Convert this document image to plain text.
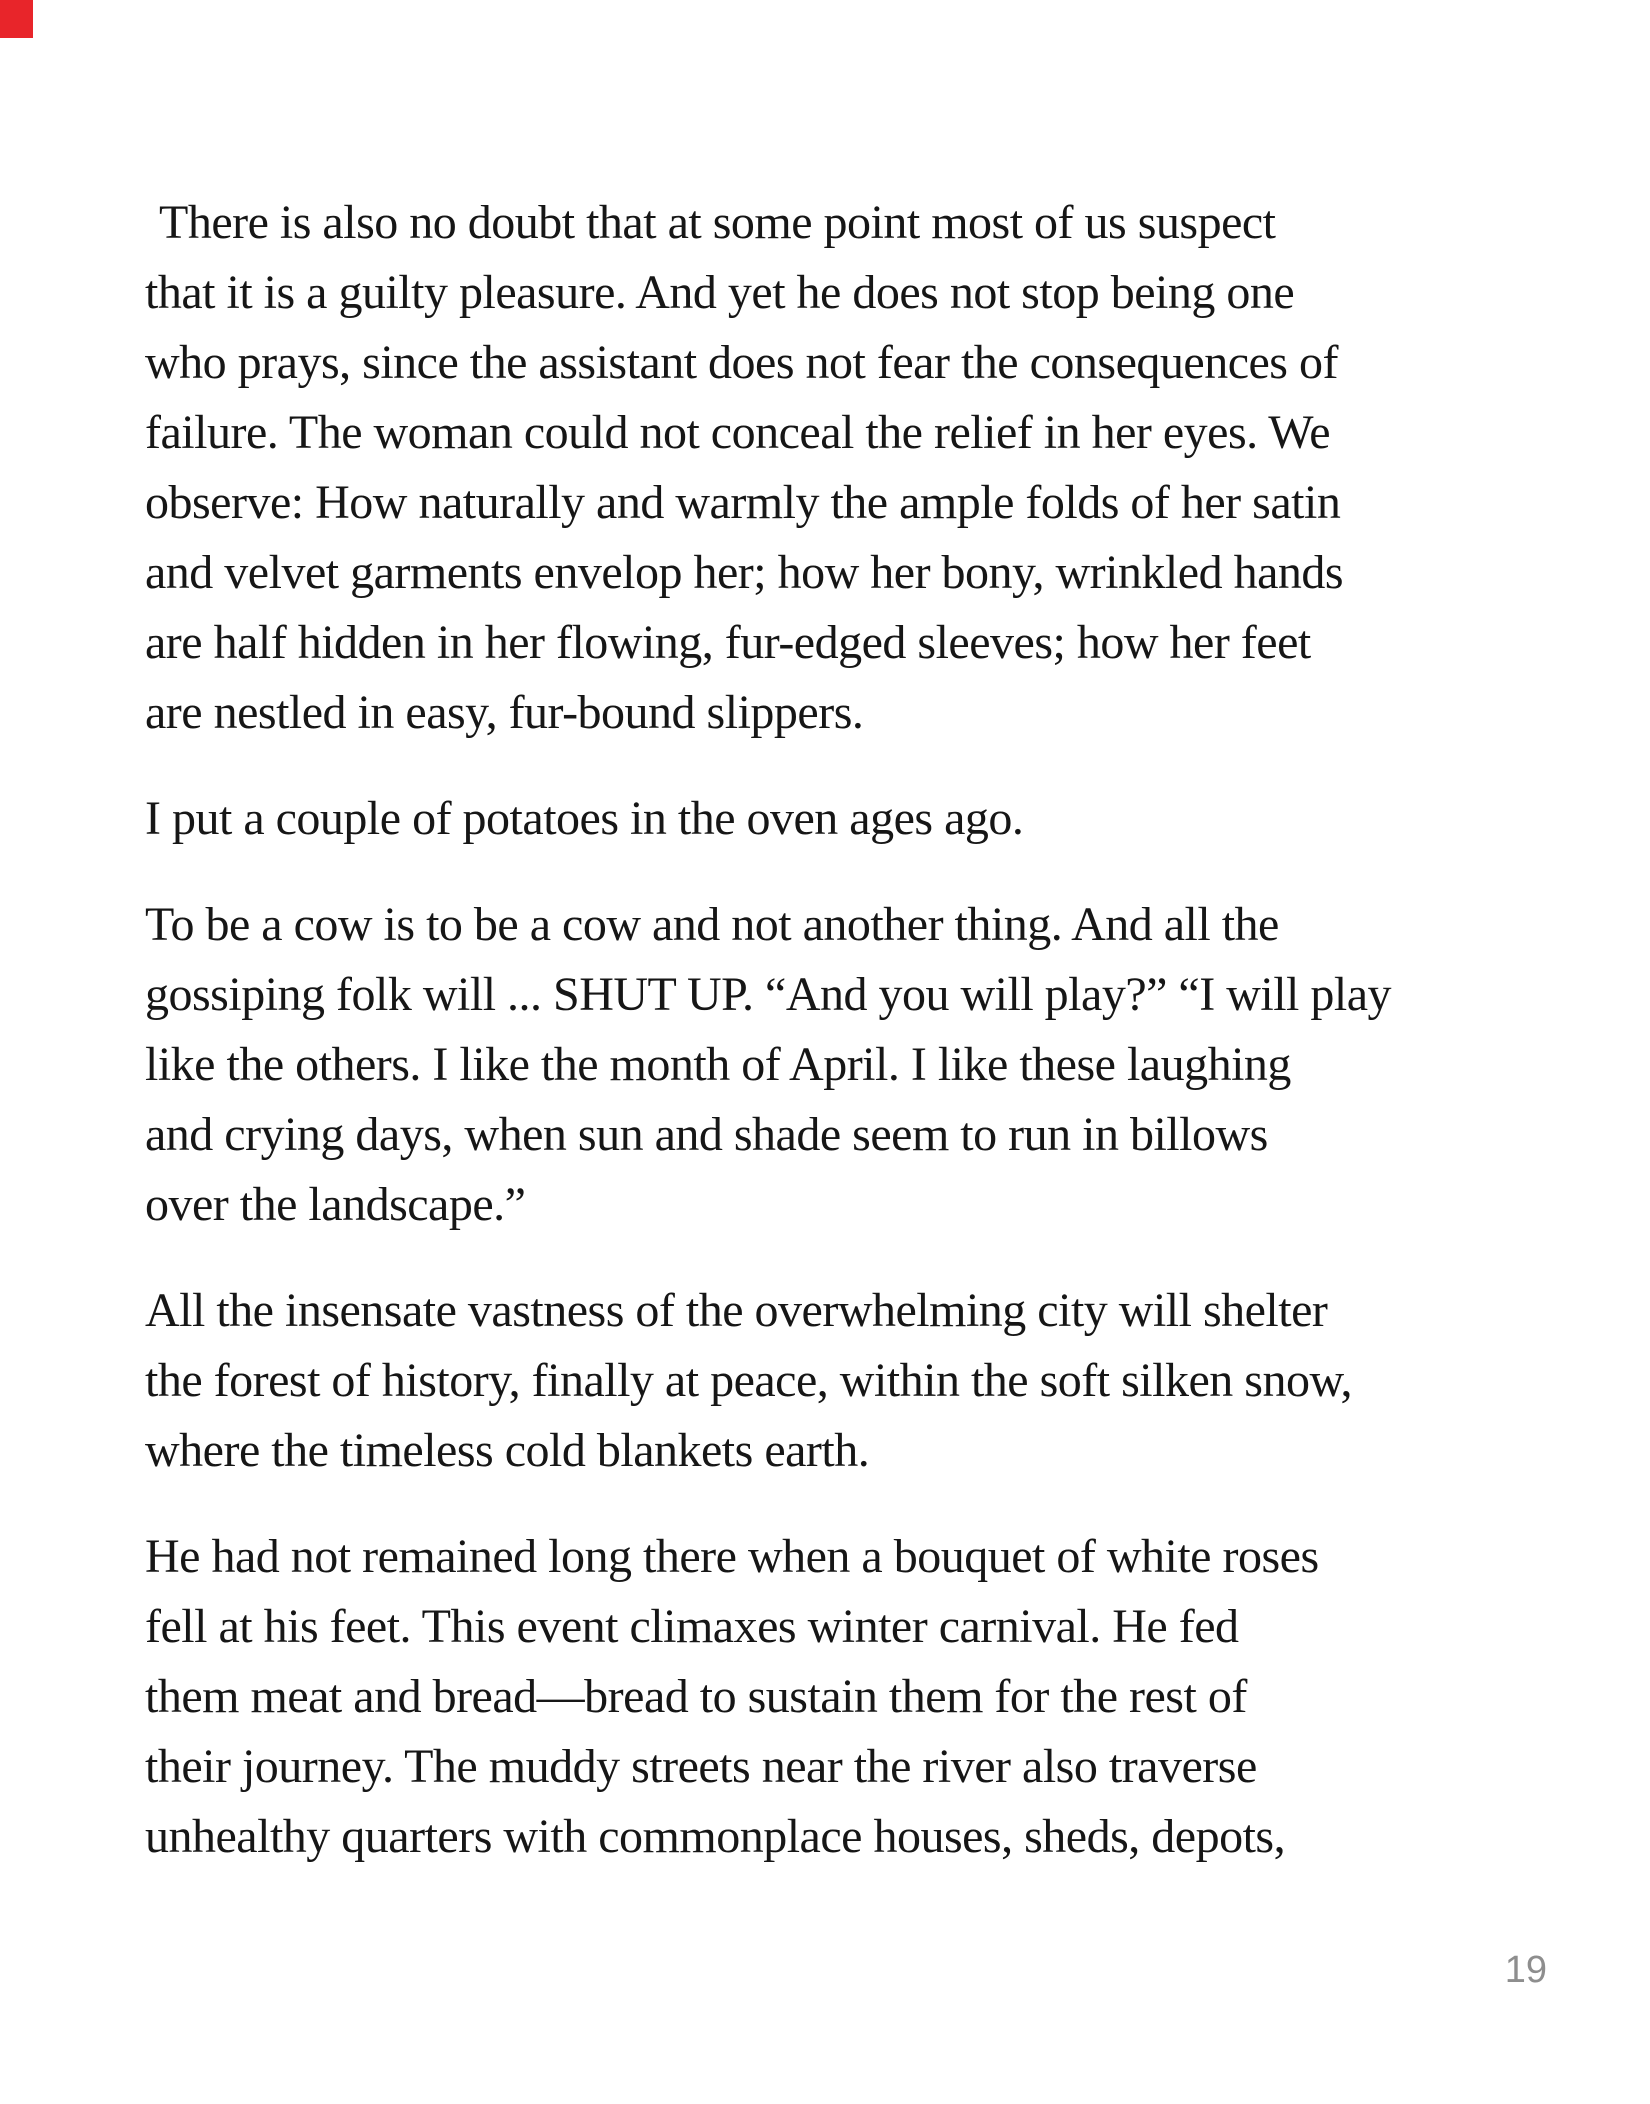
There is also no doubt that at some point most of us suspect
that it is a guilty pleasure. And yet he does not stop being one
who prays, since the assistant does not fear the consequences of
failure. The woman could not conceal the relief in her eyes. We
observe: How naturally and warmly the ample folds of her satin
and velvet garments envelop her; how her bony, wrinkled hands
are half hidden in her flowing, fur-edged sleeves; how her feet
are nestled in easy, fur-bound slippers.
I put a couple of potatoes in the oven ages ago.
To be a cow is to be a cow and not another thing. And all the
gossiping folk will ... SHUT UP. “And you will play?” “I will play
like the others. I like the month of April. I like these laughing
and crying days, when sun and shade seem to run in billows
over the landscape.”
All the insensate vastness of the overwhelming city will shelter
the forest of history, finally at peace, within the soft silken snow,
where the timeless cold blankets earth.
He had not remained long there when a bouquet of white roses
fell at his feet. This event climaxes winter carnival. He fed
them meat and bread—bread to sustain them for the rest of
their journey. The muddy streets near the river also traverse
unhealthy quarters with commonplace houses, sheds, depots,
19
